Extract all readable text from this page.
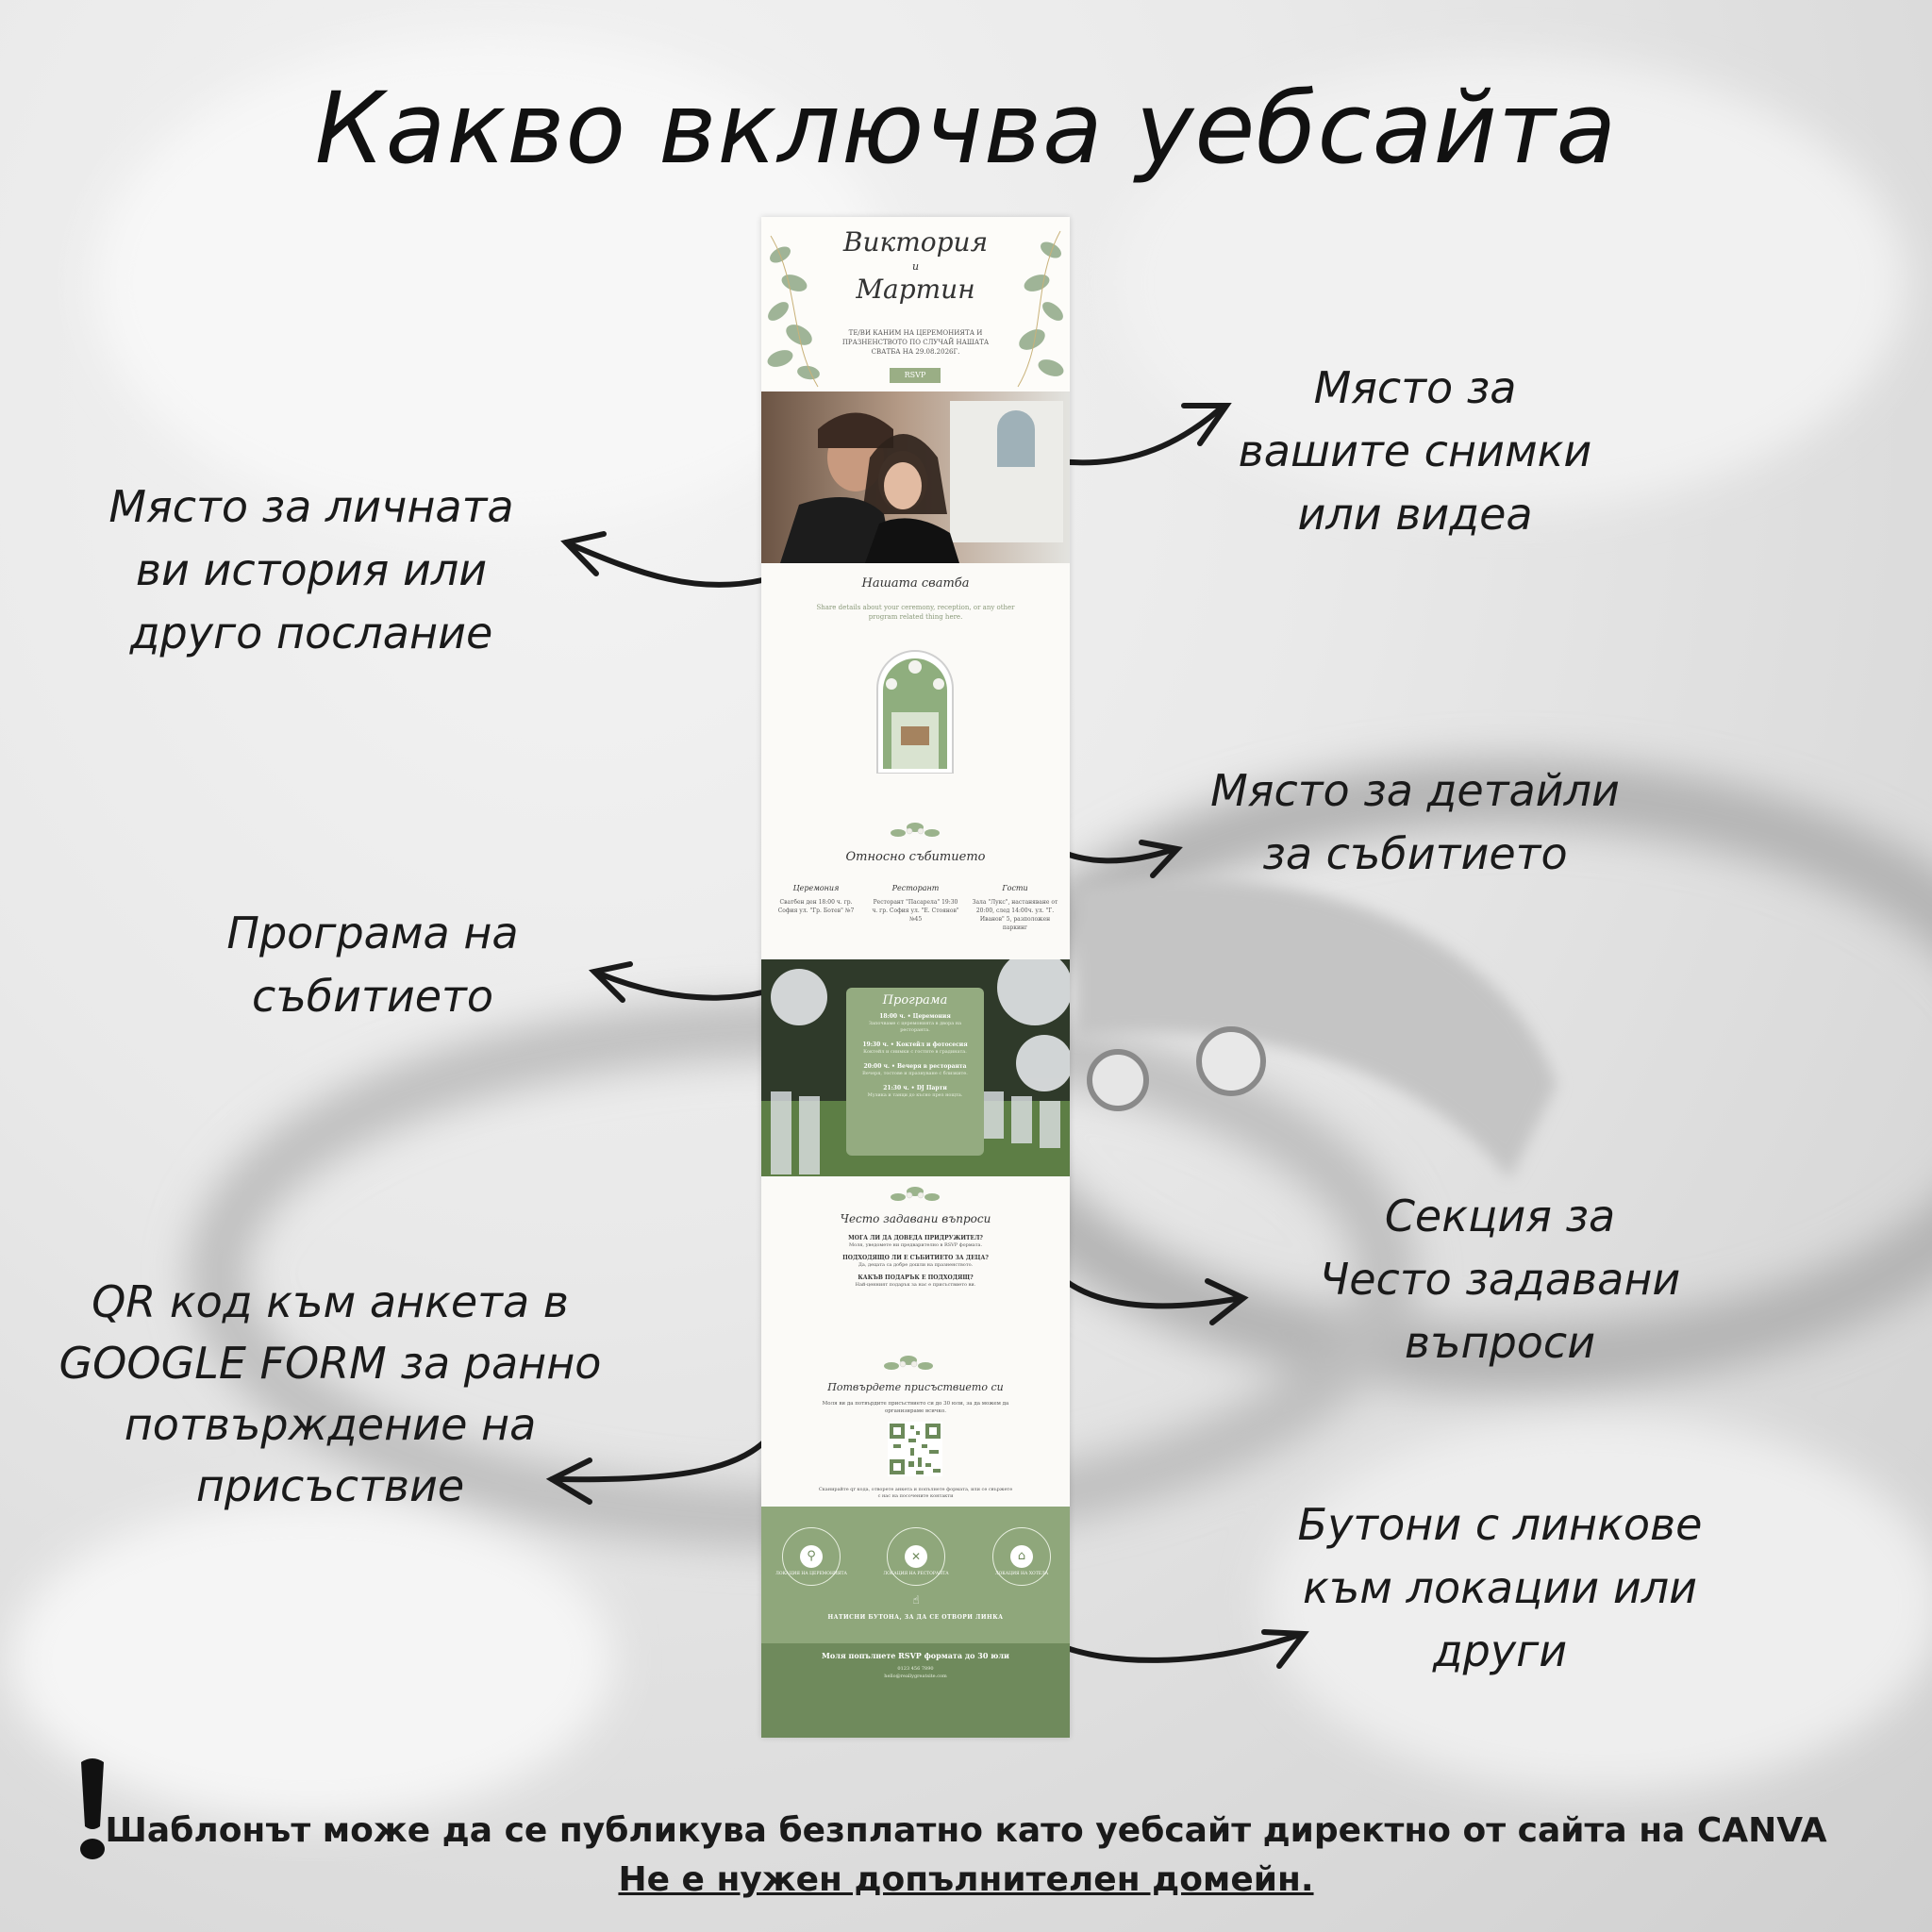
Какво включва уебсайта
Място за
вашите снимки
или видеа
Място за личната
ви история или
друго послание
Място за детайли
за събитието
Програма на
събитието
Секция за
Често задавани
въпроси
QR код към анкета в
GOOGLE FORM за ранно
потвърждение на
присъствие
Бутони с линкове
към локации или
други
Виктория
и
Мартин
ТЕ/ВИ КАНИМ НА ЦЕРЕМОНИЯТА И ПРАЗНЕНСТВОТО ПО СЛУЧАЙ НАШАТА СВАТБА НА 29.08.2026Г.
RSVP
Нашата сватба
Share details about your ceremony, reception, or any other program related thing here.
Относно събитието
Церемония
Сватбен ден 18:00 ч. гр. София ул. "Гр. Ботев" №7
Ресторант
Ресторант "Пасарела" 19:30 ч. гр. София ул. "Е. Стоянов" №45
Гости
Зала "Лукс", настаняване от 20:00, след 14:00ч. ул. "Г. Иванов" 5, разположен паркинг
Програма
18:00 ч. • Церемония
Започваме с церемонията в двора на ресторанта.
19:30 ч. • Коктейл и фотосесия
Коктейл и снимки с гостите в градината.
20:00 ч. • Вечеря в ресторанта
Вечеря, тостове и празнуване с близките.
21:30 ч. • DJ Парти
Музика и танци до късно през нощта.
Често задавани въпроси
МОГА ЛИ ДА ДОВЕДА ПРИДРУЖИТЕЛ?
Моля, уведомете ни предварително в RSVP формата.
ПОДХОДЯЩО ЛИ Е СЪБИТИЕТО ЗА ДЕЦА?
Да, децата са добре дошли на празненството.
КАКЪВ ПОДАРЪК Е ПОДХОДЯЩ?
Най-ценният подарък за нас е присъствието ви.
Потвърдете присъствието си
Моля ви да потвърдите присъствието си до 30 юли, за да можем да организираме всичко.
Сканирайте qr кода, отворете анкета и попълнете формата, или се свържете с нас на посочените контакти
⚲
ЛОКАЦИЯ НА ЦЕРЕМОНИЯТА
✕
ЛОКАЦИЯ НА РЕСТОРАНТА
⌂
ЛОКАЦИЯ НА ХОТЕЛА
☝
НАТИСНИ БУТОНА, ЗА ДА СЕ ОТВОРИ ЛИНКА
Моля попълнете RSVP формата до 30 юли
0123 456 7890
hello@reallygreatsite.com
Шаблонът може да се публикува безплатно като уебсайт директно от сайта на CANVA
Не е нужен допълнителен домейн.
